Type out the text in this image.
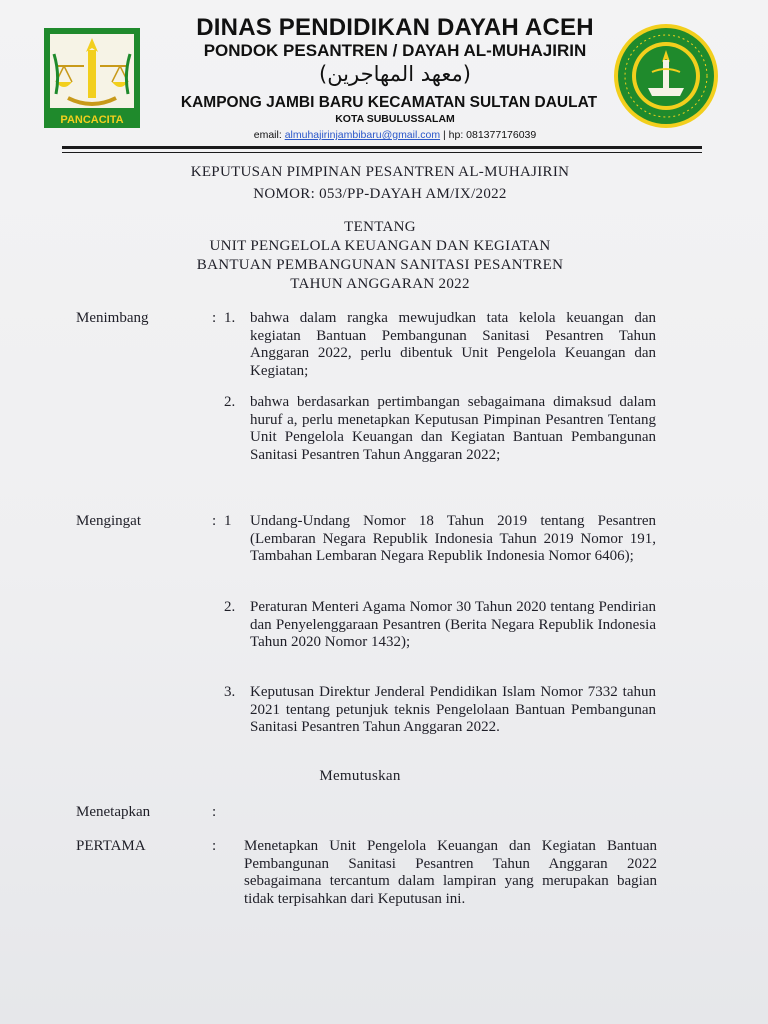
PANCACITA
DINAS PENDIDIKAN DAYAH ACEH
PONDOK PESANTREN / DAYAH AL-MUHAJIRIN
(معهد المهاجرين)
KAMPONG JAMBI BARU KECAMATAN SULTAN DAULAT
KOTA SUBULUSSALAM
email: almuhajirinjambibaru@gmail.com | hp: 081377176039
KEPUTUSAN PIMPINAN PESANTREN AL-MUHAJIRIN
NOMOR: 053/PP-DAYAH AM/IX/2022
TENTANG
UNIT PENGELOLA KEUANGAN DAN KEGIATAN
BANTUAN PEMBANGUNAN SANITASI PESANTREN
TAHUN ANGGARAN 2022
Menimbang	: 1. bahwa dalam rangka mewujudkan tata kelola keuangan dan kegiatan Bantuan Pembangunan Sanitasi Pesantren Tahun Anggaran 2022, perlu dibentuk Unit Pengelola Keuangan dan Kegiatan;
2. bahwa berdasarkan pertimbangan sebagaimana dimaksud dalam huruf a, perlu menetapkan Keputusan Pimpinan Pesantren Tentang Unit Pengelola Keuangan dan Kegiatan Bantuan Pembangunan Sanitasi Pesantren Tahun Anggaran 2022;
Mengingat	: 1 Undang-Undang Nomor 18 Tahun 2019 tentang Pesantren (Lembaran Negara Republik Indonesia Tahun 2019 Nomor 191, Tambahan Lembaran Negara Republik Indonesia Nomor 6406);
2. Peraturan Menteri Agama Nomor 30 Tahun 2020 tentang Pendirian dan Penyelenggaraan Pesantren (Berita Negara Republik Indonesia Tahun 2020 Nomor 1432);
3. Keputusan Direktur Jenderal Pendidikan Islam Nomor 7332 tahun 2021 tentang petunjuk teknis Pengelolaan Bantuan Pembangunan Sanitasi Pesantren Tahun Anggaran 2022.
Memutuskan
Menetapkan	:
PERTAMA	: Menetapkan Unit Pengelola Keuangan dan Kegiatan Bantuan Pembangunan Sanitasi Pesantren Tahun Anggaran 2022 sebagaimana tercantum dalam lampiran yang merupakan bagian tidak terpisahkan dari Keputusan ini.
